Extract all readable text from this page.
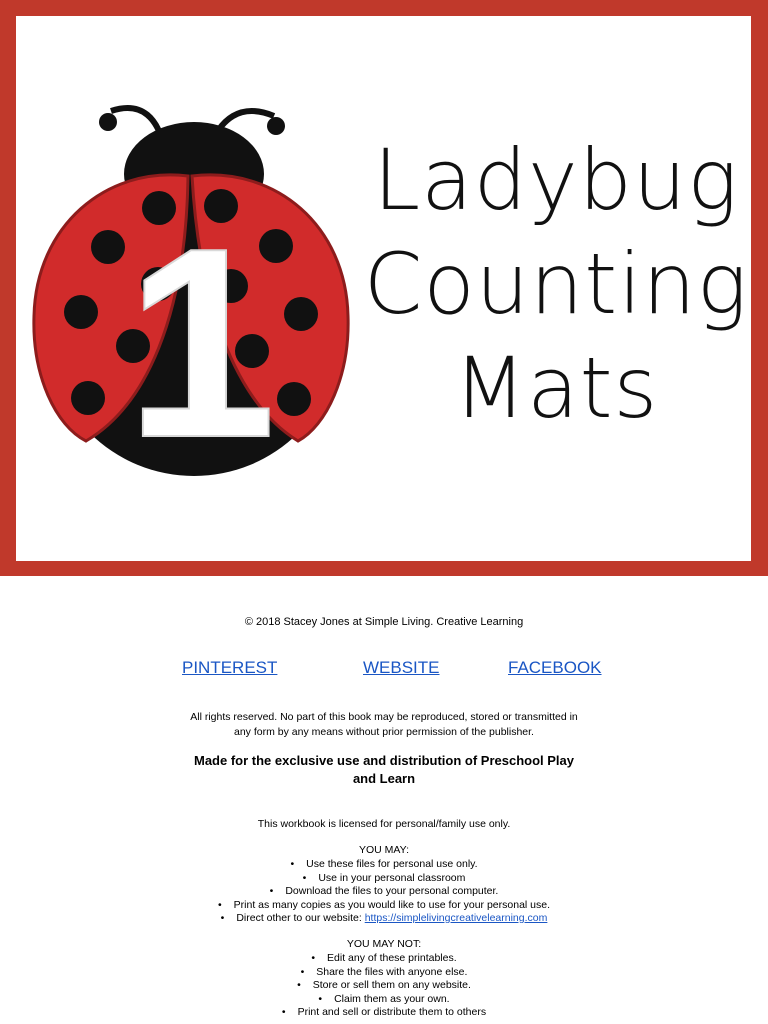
1
Ladybug
Counting
Mats
© 2018 Stacey Jones at Simple Living. Creative Learning
PINTEREST	WEBSITE	FACEBOOK
All rights reserved. No part of this book may be reproduced, stored or transmitted in
any form by any means without prior permission of the publisher.
Made for the exclusive use and distribution of Preschool Play
and Learn
This workbook is licensed for personal/family use only.
YOU MAY:
• Use these files for personal use only.
• Use in your personal classroom
• Download the files to your personal computer.
• Print as many copies as you would like to use for your personal use.
• Direct other to our website: https://simplelivingcreativelearning.com
YOU MAY NOT:
• Edit any of these printables.
• Share the files with anyone else.
• Store or sell them on any website.
• Claim them as your own.
• Print and sell or distribute them to others
